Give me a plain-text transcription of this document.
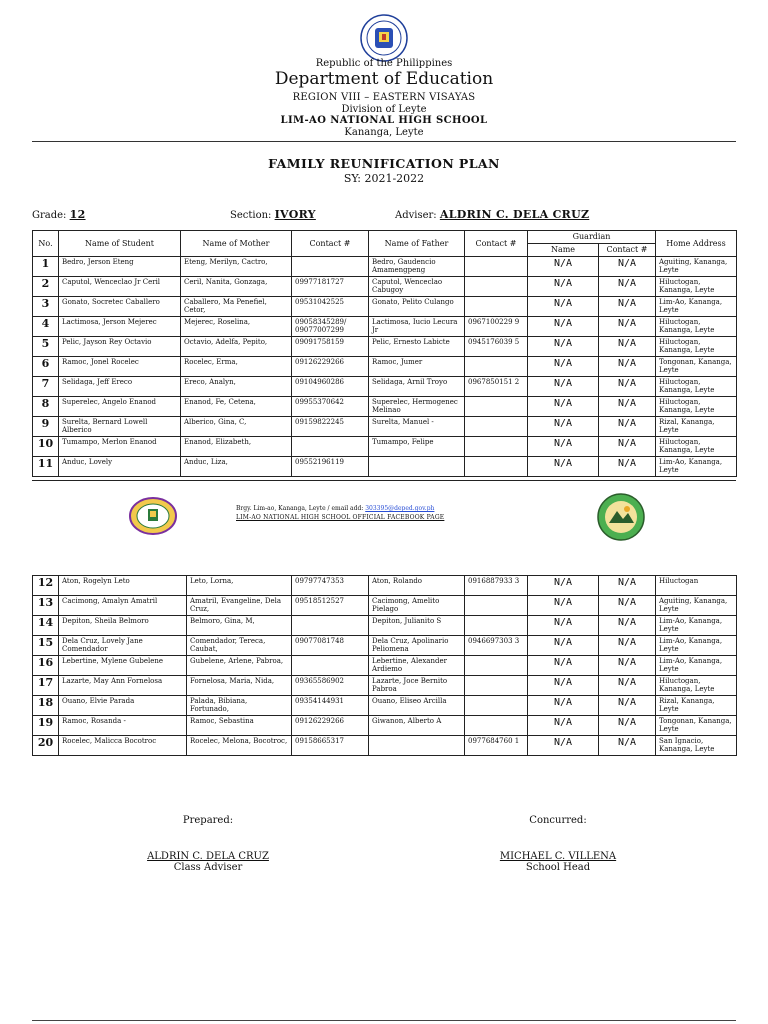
Republic of the Philippines
Department of Education
REGION VIII – EASTERN VISAYAS
Division of Leyte
LIM-AO NATIONAL HIGH SCHOOL
Kananga, Leyte
FAMILY REUNIFICATION PLAN
SY: 2021-2022
Grade: 12	Section: IVORY	Adviser: ALDRIN C. DELA CRUZ
No.	Name of Student	Name of Mother	Contact #	Name of Father	Contact #	Guardian		Home Address
						Name	Contact #	
1	Bedro, Jerson Eteng	Eteng, Merilyn, Cactro,		Bedro, Gaudencio Amamengpeng		N/A	N/A	Aguiting, Kananga, Leyte
2	Caputol, Wenceclao Jr Ceril	Ceril, Nanita, Gonzaga,	09977181727	Caputol, Wenceclao Cabugoy		N/A	N/A	Hiluctogan, Kananga, Leyte
3	Gonato, Socretec Caballero	Caballero, Ma Penefiel, Cetor,	09531042525	Gonato, Pelito Culango		N/A	N/A	Lim-Ao, Kananga, Leyte
4	Lactimosa, Jerson Mejerec	Mejerec, Roselina,	09058345289/ 09077007299	Lactimosa, Iucio Lecura Jr	0967100229 9	N/A	N/A	Hiluctogan, Kananga, Leyte
5	Pelic, Jayson Rey Octavio	Octavio, Adelfa, Pepito,	09091758159	Pelic, Ernesto Labicte	0945176039 5	N/A	N/A	Hiluctogan, Kananga, Leyte
6	Ramoc, Jonel Rocelec	Rocelec, Erma,	09126229266	Ramoc, Jumer		N/A	N/A	Tongonan, Kananga, Leyte
7	Selidaga, Jeff Ereco	Ereco, Analyn,	09104960286	Selidaga, Arnil Troyo	0967850151 2	N/A	N/A	Hiluctogan, Kananga, Leyte
8	Superelec, Angelo Enanod	Enanod, Fe, Cetena,	09955370642	Superelec, Hermogenec Melinao		N/A	N/A	Hiluctogan, Kananga, Leyte
9	Surelta, Bernard Lowell Alberico	Alberico, Gina, C,	09159822245	Surelta, Manuel -		N/A	N/A	Rizal, Kananga, Leyte
10	Tumampo, Merlon Enanod	Enanod, Elizabeth,		Tumampo, Felipe		N/A	N/A	Hiluctogan, Kananga, Leyte
11	Anduc, Lovely	Anduc, Liza,	09552196119			N/A	N/A	Lim-Ao, Kananga, Leyte
Brgy. Lim-ao, Kananga, Leyte / email add: 303395@deped.gov.ph
LIM-AO NATIONAL HIGH SCHOOL OFFICIAL FACEBOOK PAGE
12	Aton, Rogelyn Leto	Leto, Lorna,	09797747353	Aton, Rolando	0916887933 3	N/A	N/A	Hiluctogan
13	Cacimong, Amalyn Amatril	Amatril, Evangeline, Dela Cruz,	09518512527	Cacimong, Amelito Pielago		N/A	N/A	Aguiting, Kananga, Leyte
14	Depiton, Sheila Belmoro	Belmoro, Gina, M,		Depiton, Julianito S		N/A	N/A	Lim-Ao, Kananga, Leyte
15	Dela Cruz, Lovely Jane Comendador	Comendador, Tereca, Caubat,	09077081748	Dela Cruz, Apolinario Peliomena	0946697303 3	N/A	N/A	Lim-Ao, Kananga, Leyte
16	Lebertine, Mylene Gubelene	Gubelene, Arlene, Pabroa,		Lebertine, Alexander Ardiemo		N/A	N/A	Lim-Ao, Kananga, Leyte
17	Lazarte, May Ann Fornelosa	Fornelosa, Maria, Nida,	09365586902	Lazarte, Joce Bernito Pabroa		N/A	N/A	Hiluctogan, Kananga, Leyte
18	Ouano, Elvie Parada	Palada, Bibiana, Fortunado,	09354144931	Ouano, Eliseo Arcilla		N/A	N/A	Rizal, Kananga, Leyte
19	Ramoc, Rosanda -	Ramoc, Sebastina	09126229266	Giwanon, Alberto A		N/A	N/A	Tongonan, Kananga, Leyte
20	Rocelec, Malicca Bocotroc	Rocelec, Melona, Bocotroc,	09158665317		0977684760 1	N/A	N/A	San Ignacio, Kananga, Leyte
Prepared:
ALDRIN C. DELA CRUZ
Class Adviser
Concurred:
MICHAEL C. VILLENA
School Head
